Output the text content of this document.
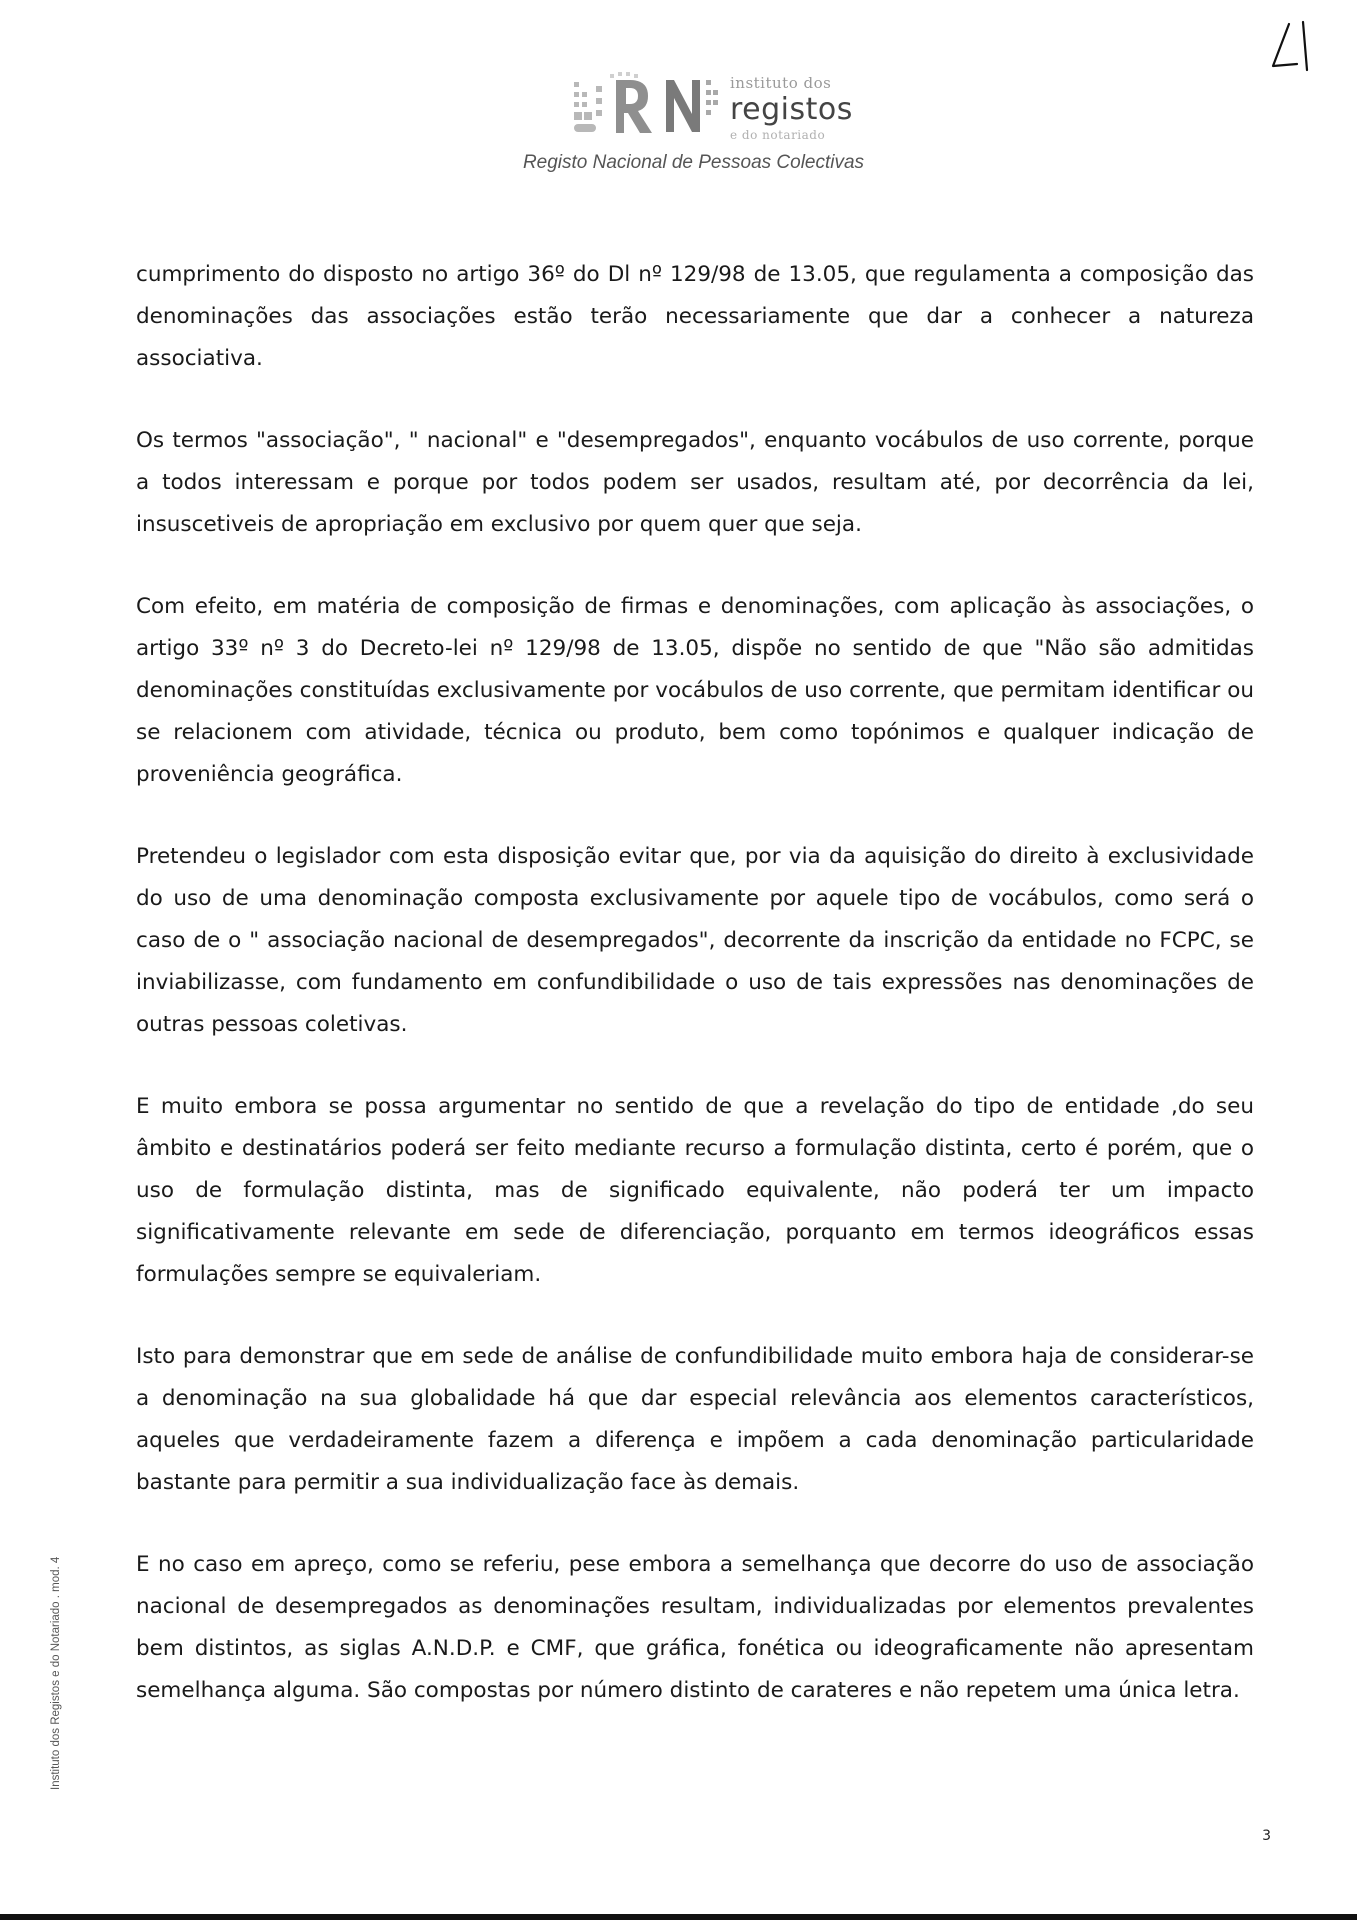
instituto dos
registos
e do notariado
Registo Nacional de Pessoas Colectivas

cumprimento do disposto no artigo 36º do Dl nº 129/98 de 13.05, que regulamenta a composição das denominações das associações estão terão necessariamente que dar a conhecer a natureza associativa.

Os termos "associação", " nacional" e "desempregados", enquanto vocábulos de uso corrente, porque a todos interessam e porque por todos podem ser usados, resultam até, por decorrência da lei, insuscetiveis de apropriação em exclusivo por quem quer que seja.

Com efeito, em matéria de composição de firmas e denominações, com aplicação às associações, o artigo 33º nº 3 do Decreto-lei nº 129/98 de 13.05, dispõe no sentido de que "Não são admitidas denominações constituídas exclusivamente por vocábulos de uso corrente, que permitam identificar ou se relacionem com atividade, técnica ou produto, bem como topónimos e qualquer indicação de proveniência geográfica.

Pretendeu o legislador com esta disposição evitar que, por via da aquisição do direito à exclusividade do uso de uma denominação composta exclusivamente por aquele tipo de vocábulos, como será o caso de o " associação nacional de desempregados", decorrente da inscrição da entidade no FCPC, se inviabilizasse, com fundamento em confundibilidade o uso de tais expressões nas denominações de outras pessoas coletivas.

E muito embora se possa argumentar no sentido de que a revelação do tipo de entidade ,do seu âmbito e destinatários poderá ser feito mediante recurso a formulação distinta, certo é porém, que o uso de formulação distinta, mas de significado equivalente, não poderá ter um impacto significativamente relevante em sede de diferenciação, porquanto em termos ideográficos essas formulações sempre se equivaleriam.

Isto para demonstrar que em sede de análise de confundibilidade muito embora haja de considerar-se a denominação na sua globalidade há que dar especial relevância aos elementos característicos, aqueles que verdadeiramente fazem a diferença e impõem a cada denominação particularidade bastante para permitir a sua individualização face às demais.

E no caso em apreço, como se referiu, pese embora a semelhança que decorre do uso de associação nacional de desempregados as denominações resultam, individualizadas por elementos prevalentes bem distintos, as siglas A.N.D.P. e CMF, que gráfica, fonética ou ideograficamente não apresentam semelhança alguma. São compostas por número distinto de carateres e não repetem uma única letra.

Instituto dos Registos e do Notariado . mod. 4
3
